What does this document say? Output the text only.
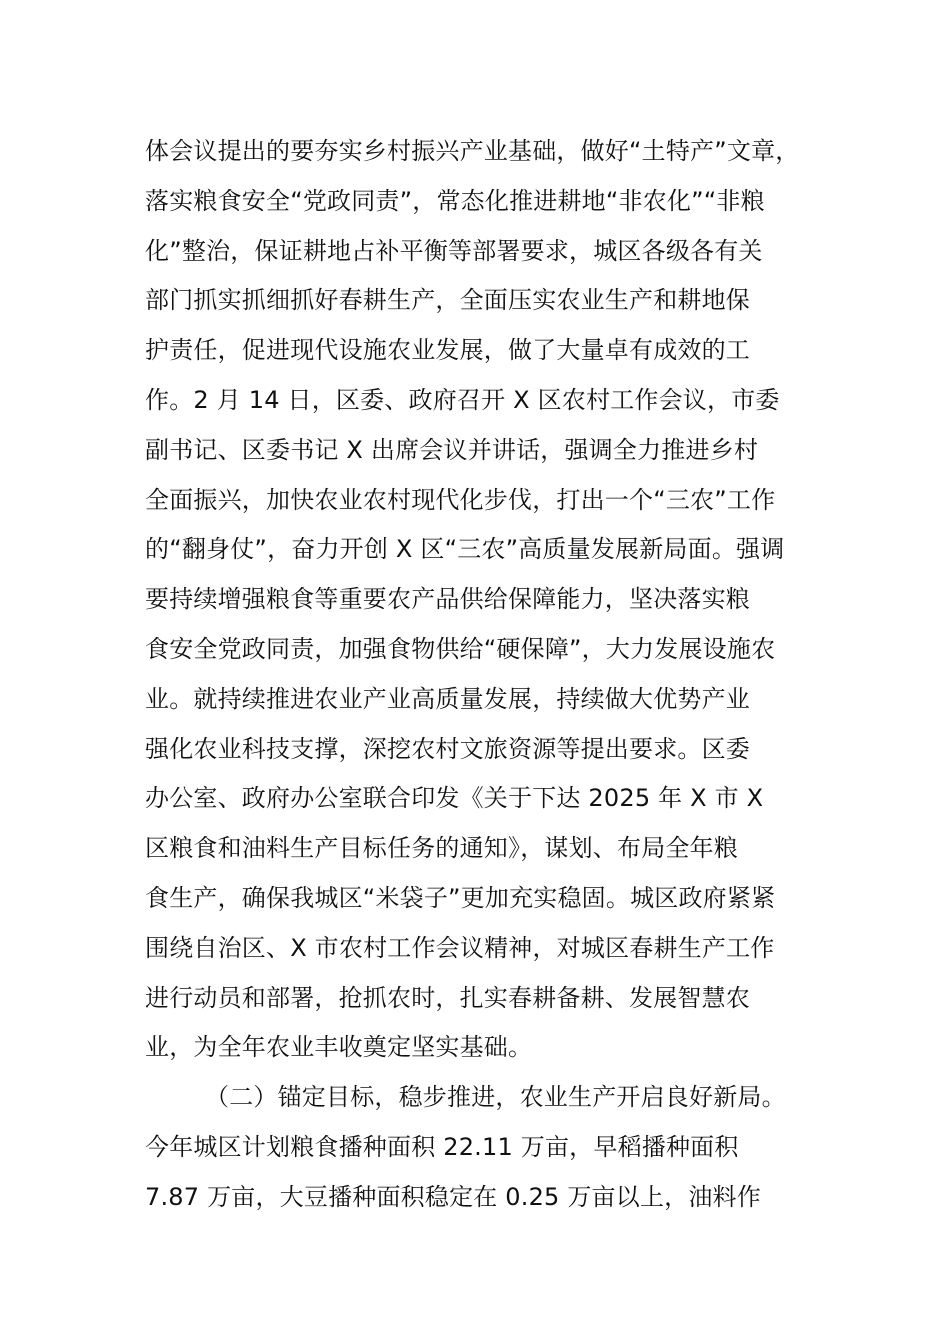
体会议提出的要夯实乡村振兴产业基础，做好“土特产”文章，
落实粮食安全“党政同责”，常态化推进耕地“非农化”“非粮
化”整治，保证耕地占补平衡等部署要求，城区各级各有关
部门抓实抓细抓好春耕生产，全面压实农业生产和耕地保
护责任，促进现代设施农业发展，做了大量卓有成效的工
作。2 月 14 日，区委、政府召开 X 区农村工作会议，市委
副书记、区委书记 X 出席会议并讲话，强调全力推进乡村
全面振兴，加快农业农村现代化步伐，打出一个“三农”工作
的“翻身仗”，奋力开创 X 区“三农”高质量发展新局面。强调
要持续增强粮食等重要农产品供给保障能力，坚决落实粮
食安全党政同责，加强食物供给“硬保障”，大力发展设施农
业。就持续推进农业产业高质量发展，持续做大优势产业
强化农业科技支撑，深挖农村文旅资源等提出要求。区委
办公室、政府办公室联合印发《关于下达 2025 年 X 市 X
区粮食和油料生产目标任务的通知》，谋划、布局全年粮
食生产，确保我城区“米袋子”更加充实稳固。城区政府紧紧
围绕自治区、X 市农村工作会议精神，对城区春耕生产工作
进行动员和部署，抢抓农时，扎实春耕备耕、发展智慧农
业，为全年农业丰收奠定坚实基础。
（二）锚定目标，稳步推进，农业生产开启良好新局。
今年城区计划粮食播种面积 22.11 万亩，早稻播种面积
7.87 万亩，大豆播种面积稳定在 0.25 万亩以上，油料作
